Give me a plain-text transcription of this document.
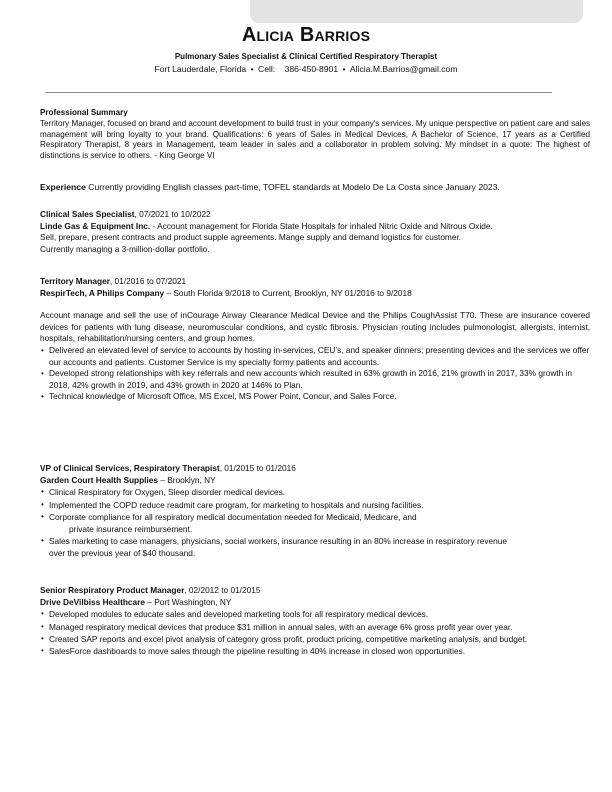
Alicia Barrios
Pulmonary Sales Specialist & Clinical Certified Respiratory Therapist
Fort Lauderdale, Florida • Cell: 386-450-8901 • Alicia.M.Barrios@gmail.com
Professional Summary
Territory Manager, focused on brand and account development to build trust in your company's services. My unique perspective on patient care and sales management will bring loyalty to your brand. Qualifications: 6 years of Sales in Medical Devices, A Bachelor of Science, 17 years as a Certified Respiratory Therapist, 8 years in Management, team leader in sales and a collaborator in problem solving. My mindset in a quote: The highest of distinctions is service to others. - King George VI
Experience Currently providing English classes part-time, TOFEL standards at Modelo De La Costa since January 2023.
Clinical Sales Specialist, 07/2021 to 10/2022
Linde Gas & Equipment Inc. - Account management for Florida State Hospitals for inhaled Nitric Oxide and Nitrous Oxide.
Sell, prepare, present contracts and product supple agreements. Mange supply and demand logistics for customer.
Currently managing a 3-million-dollar portfolio.
Territory Manager, 01/2016 to 07/2021
RespirTech, A Philips Company – South Florida 9/2018 to Current, Brooklyn, NY 01/2016 to 9/2018
Account manage and sell the use of inCourage Airway Clearance Medical Device and the Philips CoughAssist T70. These are insurance covered devices for patients with lung disease, neuromuscular conditions, and cystic fibrosis. Physician routing includes pulmonologist, allergists, internist, hospitals, rehabilitation/nursing centers, and group homes.
• Delivered an elevated level of service to accounts by hosting in-services, CEU’s, and speaker dinners; presenting devices and the services we offer our accounts and patients. Customer Service is my specialty formy patients and accounts.
• Developed strong relationships with key referrals and new accounts which resulted in 63% growth in 2016, 21% growth in 2017, 33% growth in 2018, 42% growth in 2019, and 43% growth in 2020 at 146% to Plan.
• Technical knowledge of Microsoft Office, MS Excel, MS Power Point, Concur, and Sales Force.
VP of Clinical Services, Respiratory Therapist, 01/2015 to 01/2016
Garden Court Health Supplies – Brooklyn, NY
• Clinical Respiratory for Oxygen, Sleep disorder medical devices.
• Implemented the COPD reduce readmit care program, for marketing to hospitals and nursing facilities.
• Corporate compliance for all respiratory medical documentation needed for Medicaid, Medicare, and
private insurance reimbursement.
• Sales marketing to case managers, physicians, social workers, insurance resulting in an 80% increase in respiratory revenue over the previous year of $40 thousand.
Senior Respiratory Product Manager, 02/2012 to 01/2015
Drive DeVilbiss Healthcare – Port Washington, NY
• Developed modules to educate sales and developed marketing tools for all respiratory medical devices.
• Managed respiratory medical devices that produce $31 million in annual sales, with an average 6% gross profit year over year.
• Created SAP reports and excel pivot analysis of category gross profit, product pricing, competitive marketing analysis, and budget.
• SalesForce dashboards to move sales through the pipeline resulting in 40% increase in closed won opportunities.
